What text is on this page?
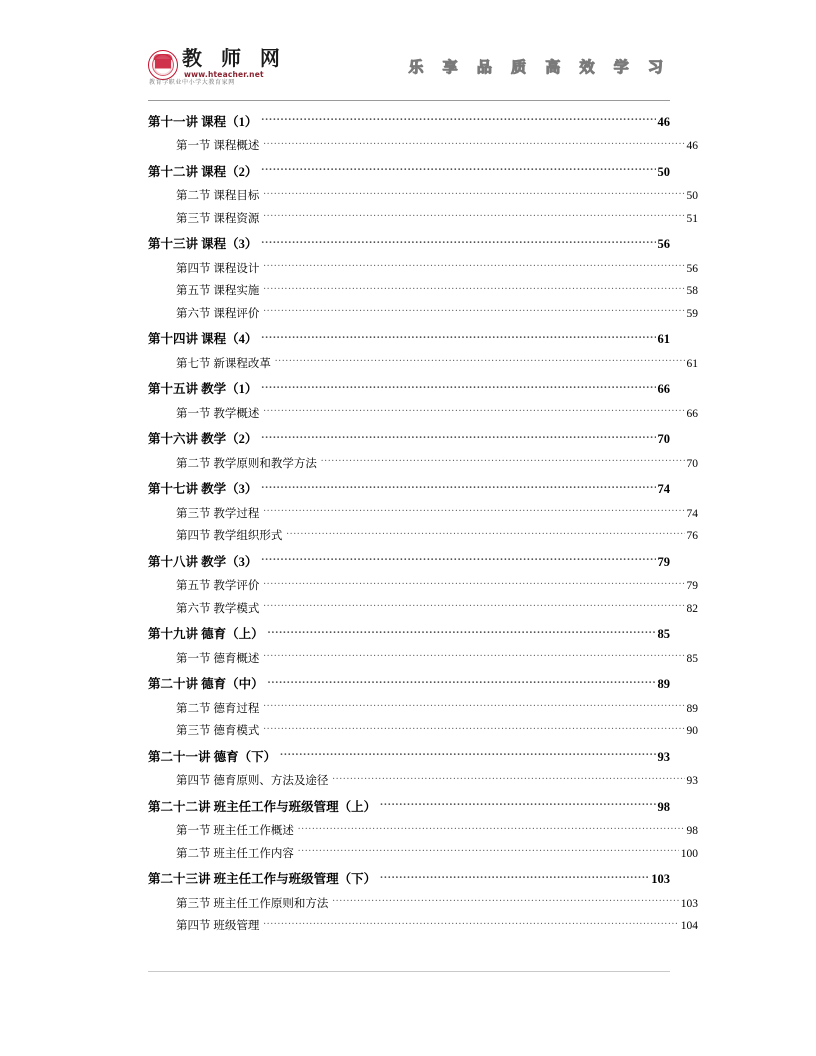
教 师 网
www.hteacher.net
教育学职业中小学大教育家网
乐 享 品 质 高 效 学 习
第十一讲 课程（1） .....	46
第一节 课程概述 .....	46
第十二讲 课程（2） .....	50
第二节 课程目标 .....	50
第三节 课程资源 .....	51
第十三讲 课程（3） .....	56
第四节 课程设计 .....	56
第五节 课程实施 .....	58
第六节 课程评价 .....	59
第十四讲 课程（4） .....	61
第七节 新课程改革 .....	61
第十五讲 教学（1） .....	66
第一节 教学概述 .....	66
第十六讲 教学（2） .....	70
第二节 教学原则和教学方法 .....	70
第十七讲 教学（3） .....	74
第三节 教学过程 .....	74
第四节 教学组织形式 .....	76
第十八讲 教学（3） .....	79
第五节 教学评价 .....	79
第六节 教学模式 .....	82
第十九讲 德育（上） .....	85
第一节 德育概述 .....	85
第二十讲 德育（中） .....	89
第二节 德育过程 .....	89
第三节 德育模式 .....	90
第二十一讲 德育（下） .....	93
第四节 德育原则、方法及途径 .....	93
第二十二讲 班主任工作与班级管理（上） .....	98
第一节 班主任工作概述 .....	98
第二节 班主任工作内容 .....	100
第二十三讲 班主任工作与班级管理（下） .....	103
第三节 班主任工作原则和方法 .....	103
第四节 班级管理 .....	104
